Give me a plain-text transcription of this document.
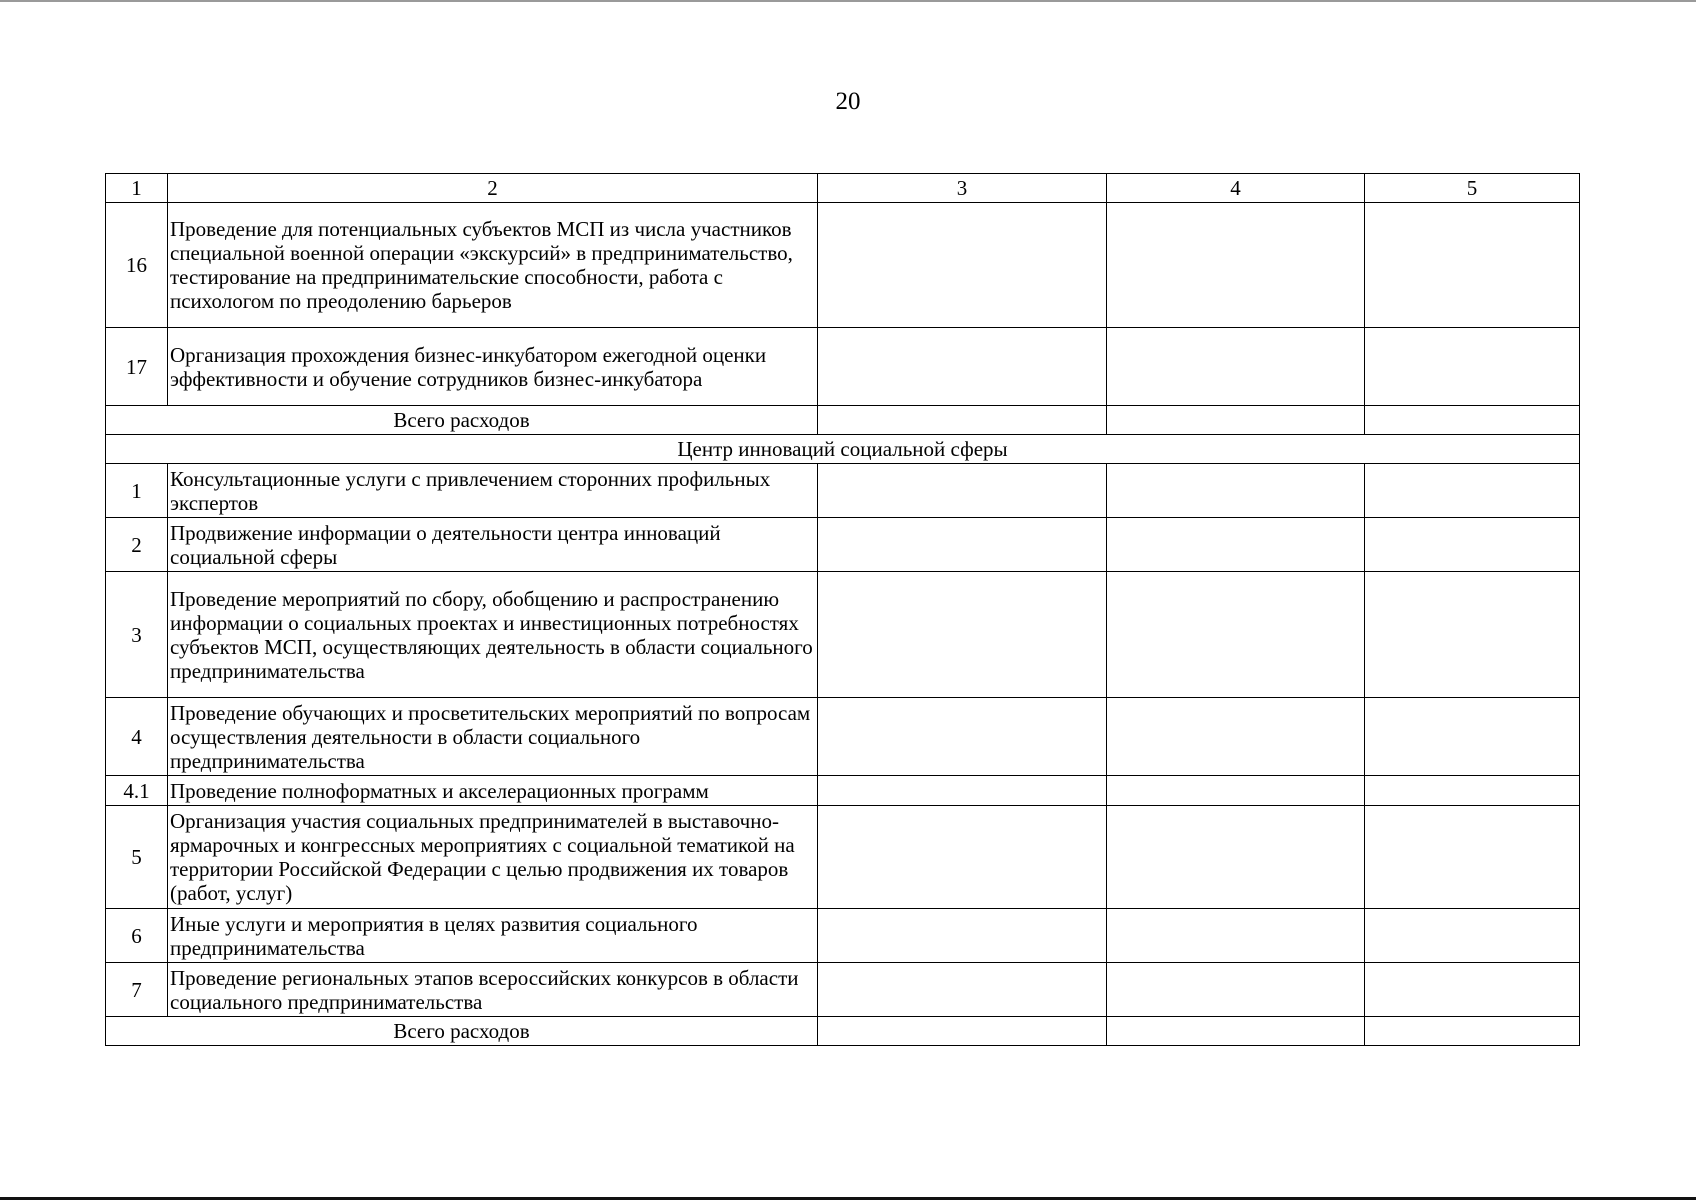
20
1	2	3	4	5
16	Проведение для потенциальных субъектов МСП из числа участников специальной военной операции «экскурсий» в предпринимательство, тестирование на предпринимательские способности, работа с психологом по преодолению барьеров			
17	Организация прохождения бизнес-инкубатором ежегодной оценки эффективности и обучение сотрудников бизнес-инкубатора			
Всего расходов				
Центр инноваций социальной сферы				
1	Консультационные услуги с привлечением сторонних профильных экспертов			
2	Продвижение информации о деятельности центра инноваций социальной сферы			
3	Проведение мероприятий по сбору, обобщению и распространению информации о социальных проектах и инвестиционных потребностях субъектов МСП, осуществляющих деятельность в области социального предпринимательства			
4	Проведение обучающих и просветительских мероприятий по вопросам осуществления деятельности в области социального предпринимательства			
4.1	Проведение полноформатных и акселерационных программ			
5	Организация участия социальных предпринимателей в выставочно-ярмарочных и конгрессных мероприятиях с социальной тематикой на территории Российской Федерации с целью продвижения их товаров (работ, услуг)			
6	Иные услуги и мероприятия в целях развития социального предпринимательства			
7	Проведение региональных этапов всероссийских конкурсов в области социального предпринимательства			
Всего расходов				
